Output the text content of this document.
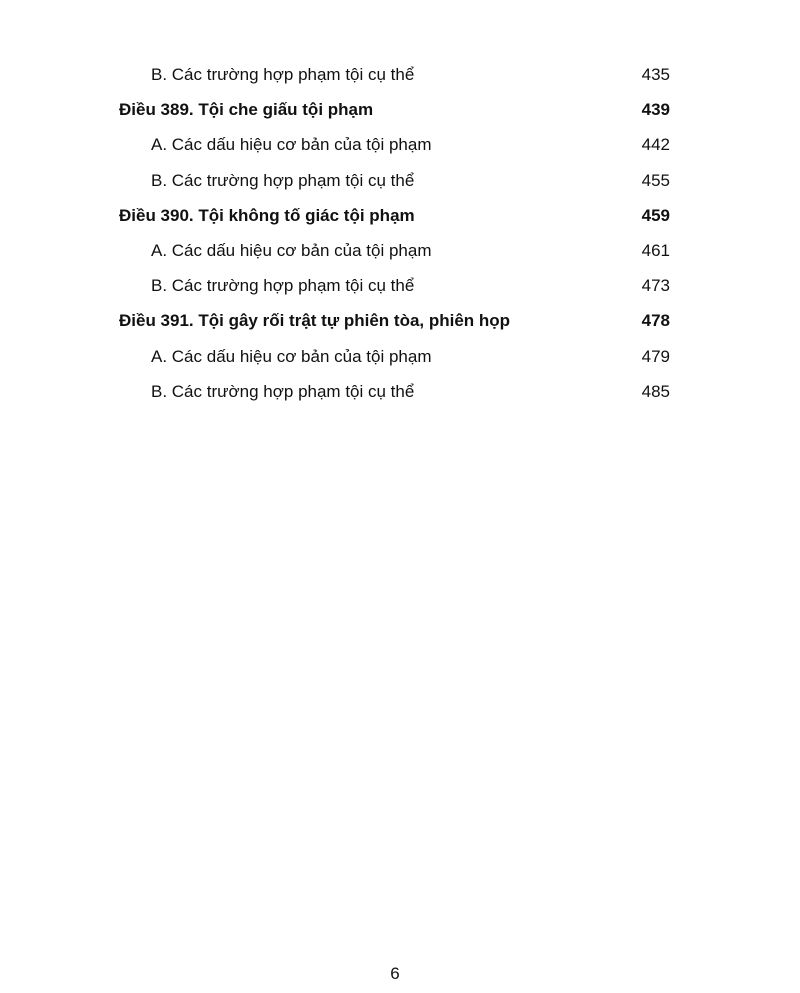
B. Các trường hợp phạm tội cụ thể	435
Điều 389. Tội che giấu tội phạm	439
A. Các dấu hiệu cơ bản của tội phạm	442
B. Các trường hợp phạm tội cụ thể	455
Điều 390. Tội không tố giác tội phạm	459
A. Các dấu hiệu cơ bản của tội phạm	461
B. Các trường hợp phạm tội cụ thể	473
Điều 391. Tội gây rối trật tự phiên tòa, phiên họp	478
A. Các dấu hiệu cơ bản của tội phạm	479
B. Các trường hợp phạm tội cụ thể	485
6
